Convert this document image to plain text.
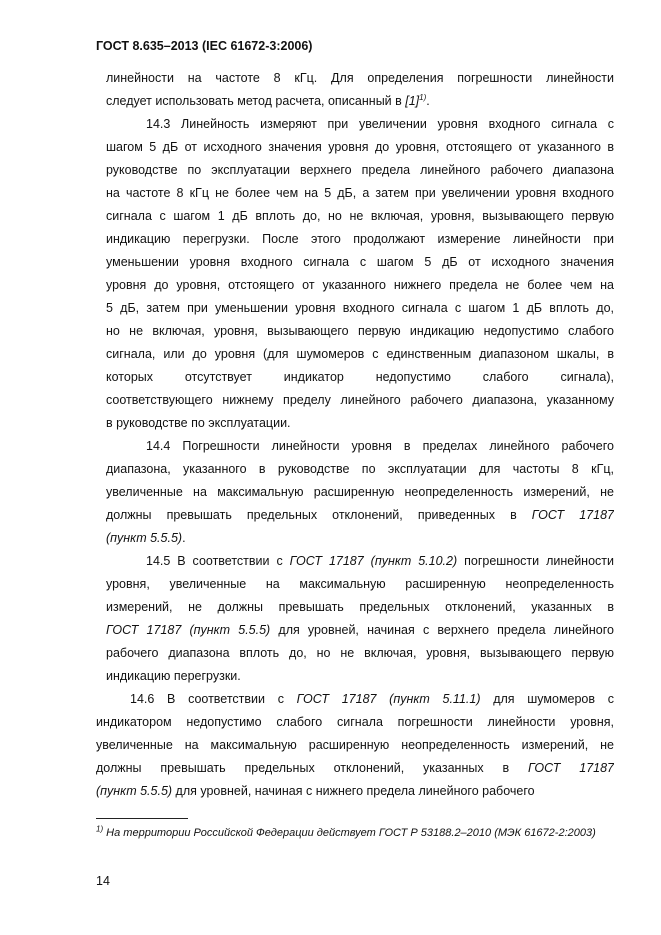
ГОСТ 8.635–2013 (IEC 61672-3:2006)
линейности на частоте 8 кГц. Для определения погрешности линейности
следует использовать метод расчета, описанный в $[1]^{1)}$.
14.3 Линейность измеряют при увеличении уровня входного сигнала с
шагом 5 дБ от исходного значения уровня до уровня, отстоящего от указанного в
руководстве по эксплуатации верхнего предела линейного рабочего диапазона
на частоте 8 кГц не более чем на 5 дБ, а затем при увеличении уровня входного
сигнала с шагом 1 дБ вплоть до, но не включая, уровня, вызывающего первую
индикацию перегрузки. После этого продолжают измерение линейности при
уменьшении уровня входного сигнала с шагом 5 дБ от исходного значения
уровня до уровня, отстоящего от указанного нижнего предела не более чем на
5 дБ, затем при уменьшении уровня входного сигнала с шагом 1 дБ вплоть до,
но не включая, уровня, вызывающего первую индикацию недопустимо слабого
сигнала, или до уровня (для шумомеров с единственным диапазоном шкалы, в
которых отсутствует индикатор недопустимо слабого сигнала),
соответствующего нижнему пределу линейного рабочего диапазона, указанному
в руководстве по эксплуатации.
14.4 Погрешности линейности уровня в пределах линейного рабочего
диапазона, указанного в руководстве по эксплуатации для частоты 8 кГц,
увеличенные на максимальную расширенную неопределенность измерений, не
должны превышать предельных отклонений, приведенных в ГОСТ 17187
(пункт 5.5.5).
14.5 В соответствии с ГОСТ 17187 (пункт 5.10.2) погрешности линейности
уровня, увеличенные на максимальную расширенную неопределенность
измерений, не должны превышать предельных отклонений, указанных в
ГОСТ 17187 (пункт 5.5.5) для уровней, начиная с верхнего предела линейного
рабочего диапазона вплоть до, но не включая, уровня, вызывающего первую
индикацию перегрузки.
14.6 В соответствии с ГОСТ 17187 (пункт 5.11.1) для шумомеров с
индикатором недопустимо слабого сигнала погрешности линейности уровня,
увеличенные на максимальную расширенную неопределенность измерений, не
должны превышать предельных отклонений, указанных в ГОСТ 17187
(пункт 5.5.5) для уровней, начиная с нижнего предела линейного рабочего
$^{1)}$ На территории Российской Федерации действует ГОСТ Р 53188.2–2010 (МЭК 61672-2:2003)
14
